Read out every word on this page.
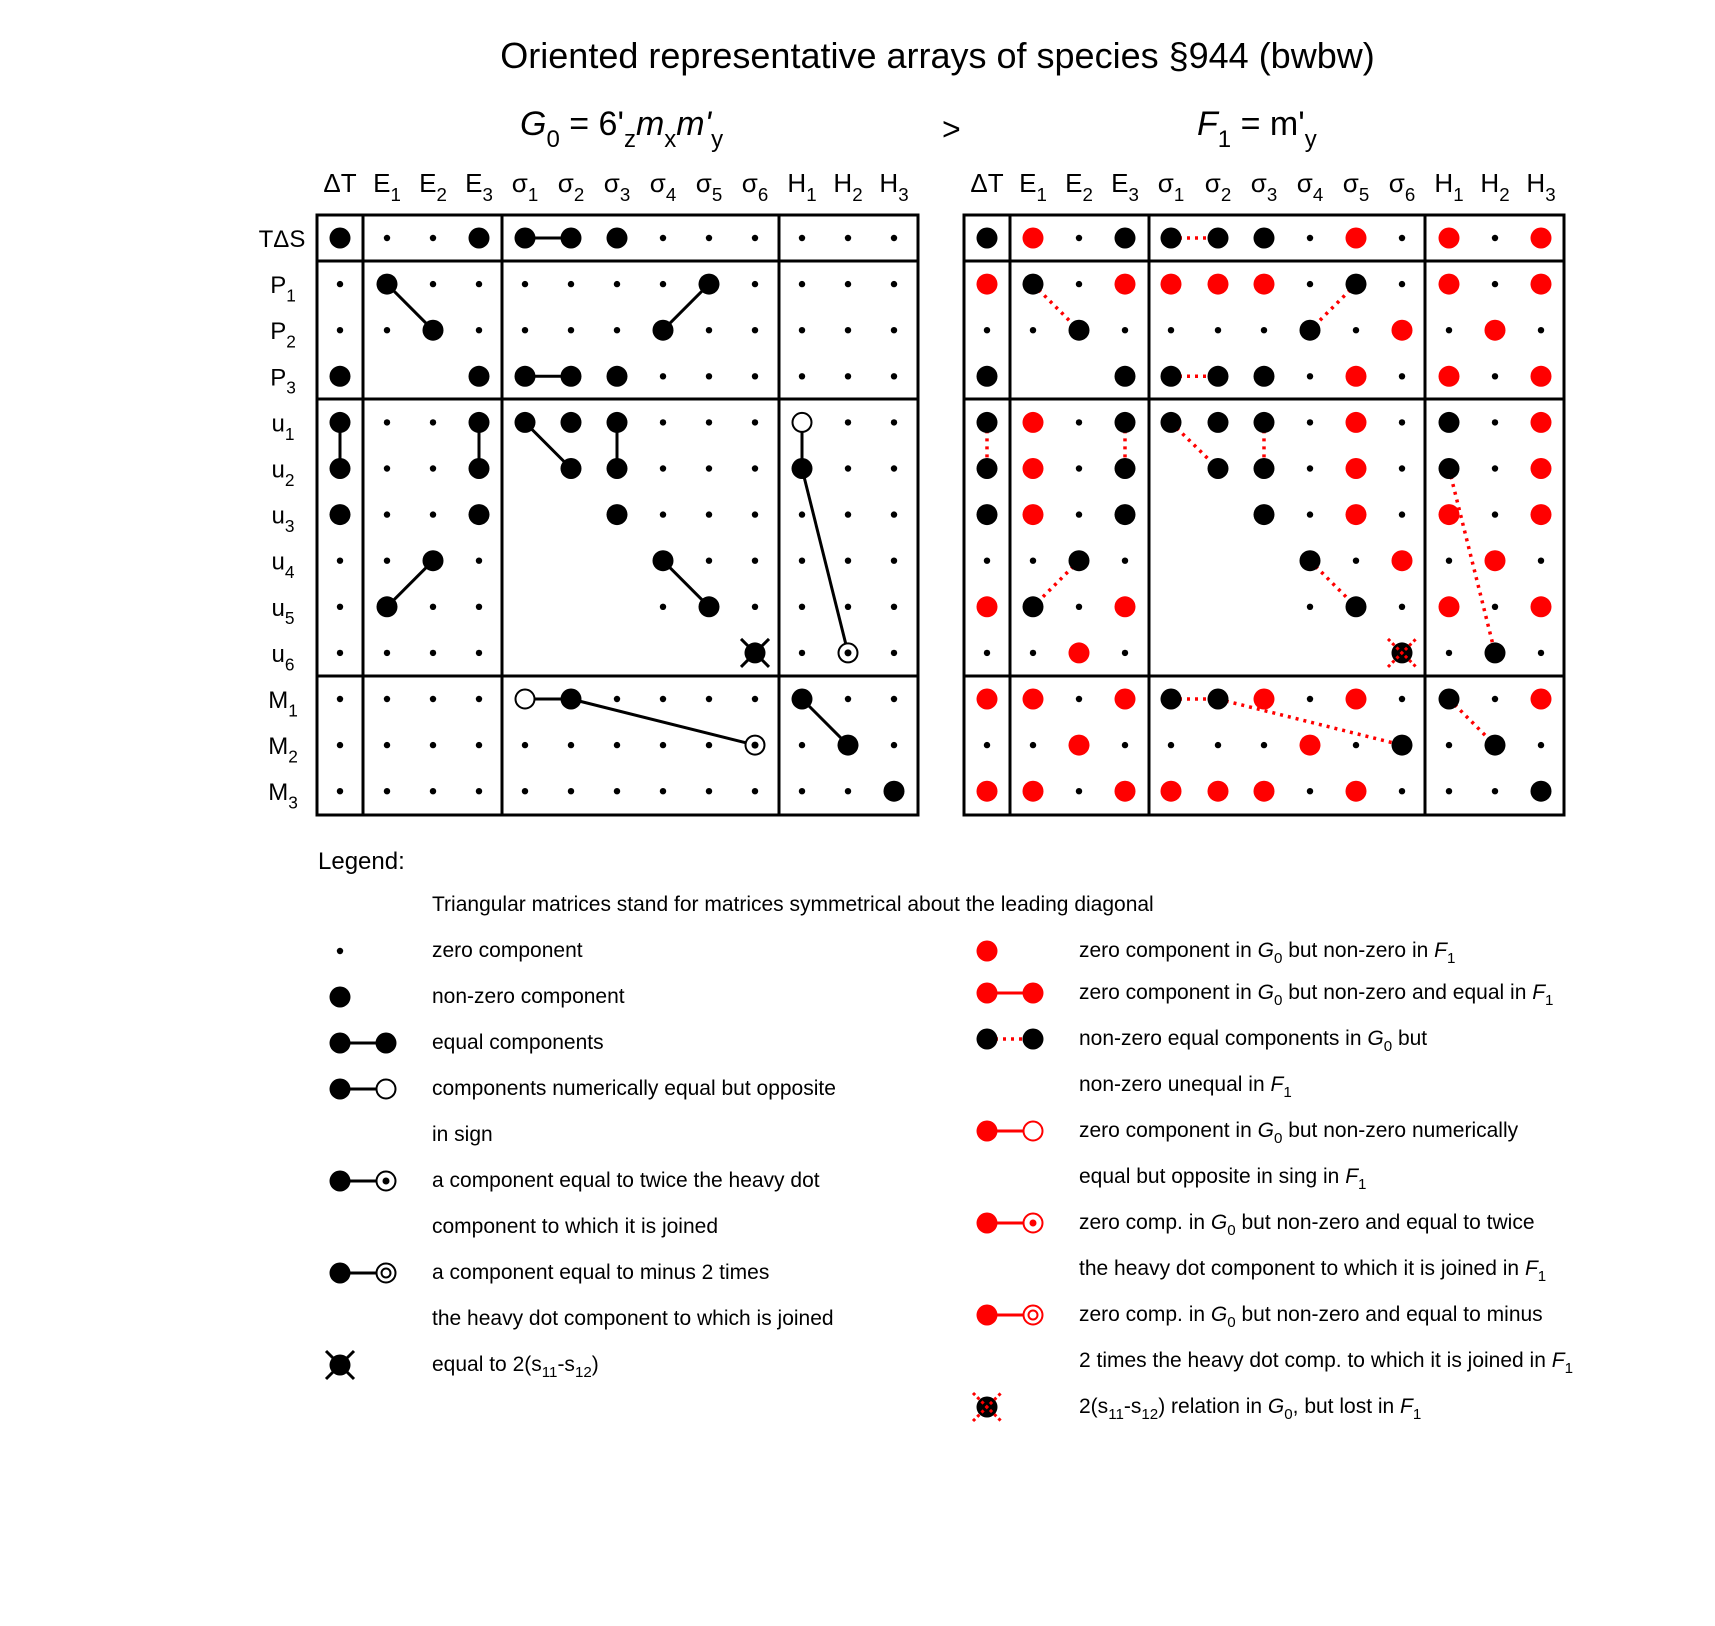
Oriented representative arrays of species §944 (bwbw)
$G_0 = 6'_zm_xm'_y$	$F_1 = m'_y$
>
ΔT $E_1$ $E_2$ $E_3$ $\sigma_1$ $\sigma_2$ $\sigma_3$ $\sigma_4$ $\sigma_5$ $\sigma_6$ $H_1$ $H_2$ $H_3$ ΔT $E_1$ $E_2$ $E_3$ $\sigma_1$ $\sigma_2$ $\sigma_3$ $\sigma_4$ $\sigma_5$ $\sigma_6$ $H_1$ $H_2$ $H_3$
TΔS
$P_1$
$P_2$
$P_3$
$u_1$
$u_2$
$u_3$
$u_4$
$u_5$
$u_6$
$M_1$
$M_2$
$M_3$
Legend:
Triangular matrices stand for matrices symmetrical about the leading diagonal
zero component
non-zero component
equal components
components numerically equal but opposite
in sign
a component equal to twice the heavy dot
component to which it is joined
a component equal to minus 2 times
the heavy dot component to which is joined
equal to $2(s_{11}-s_{12})$
zero component in $G_0$ but non-zero in $F_1$
zero component in $G_0$ but non-zero and equal in $F_1$
non-zero equal components in $G_0$ but
non-zero unequal in $F_1$
zero component in $G_0$ but non-zero numerically
equal but opposite in sing in $F_1$
zero comp. in $G_0$ but non-zero and equal to twice
the heavy dot component to which it is joined in $F_1$
zero comp. in $G_0$ but non-zero and equal to minus
2 times the heavy dot comp. to which it is joined in $F_1$
$2(s_{11}-s_{12})$ relation in $G_0$, but lost in $F_1$
